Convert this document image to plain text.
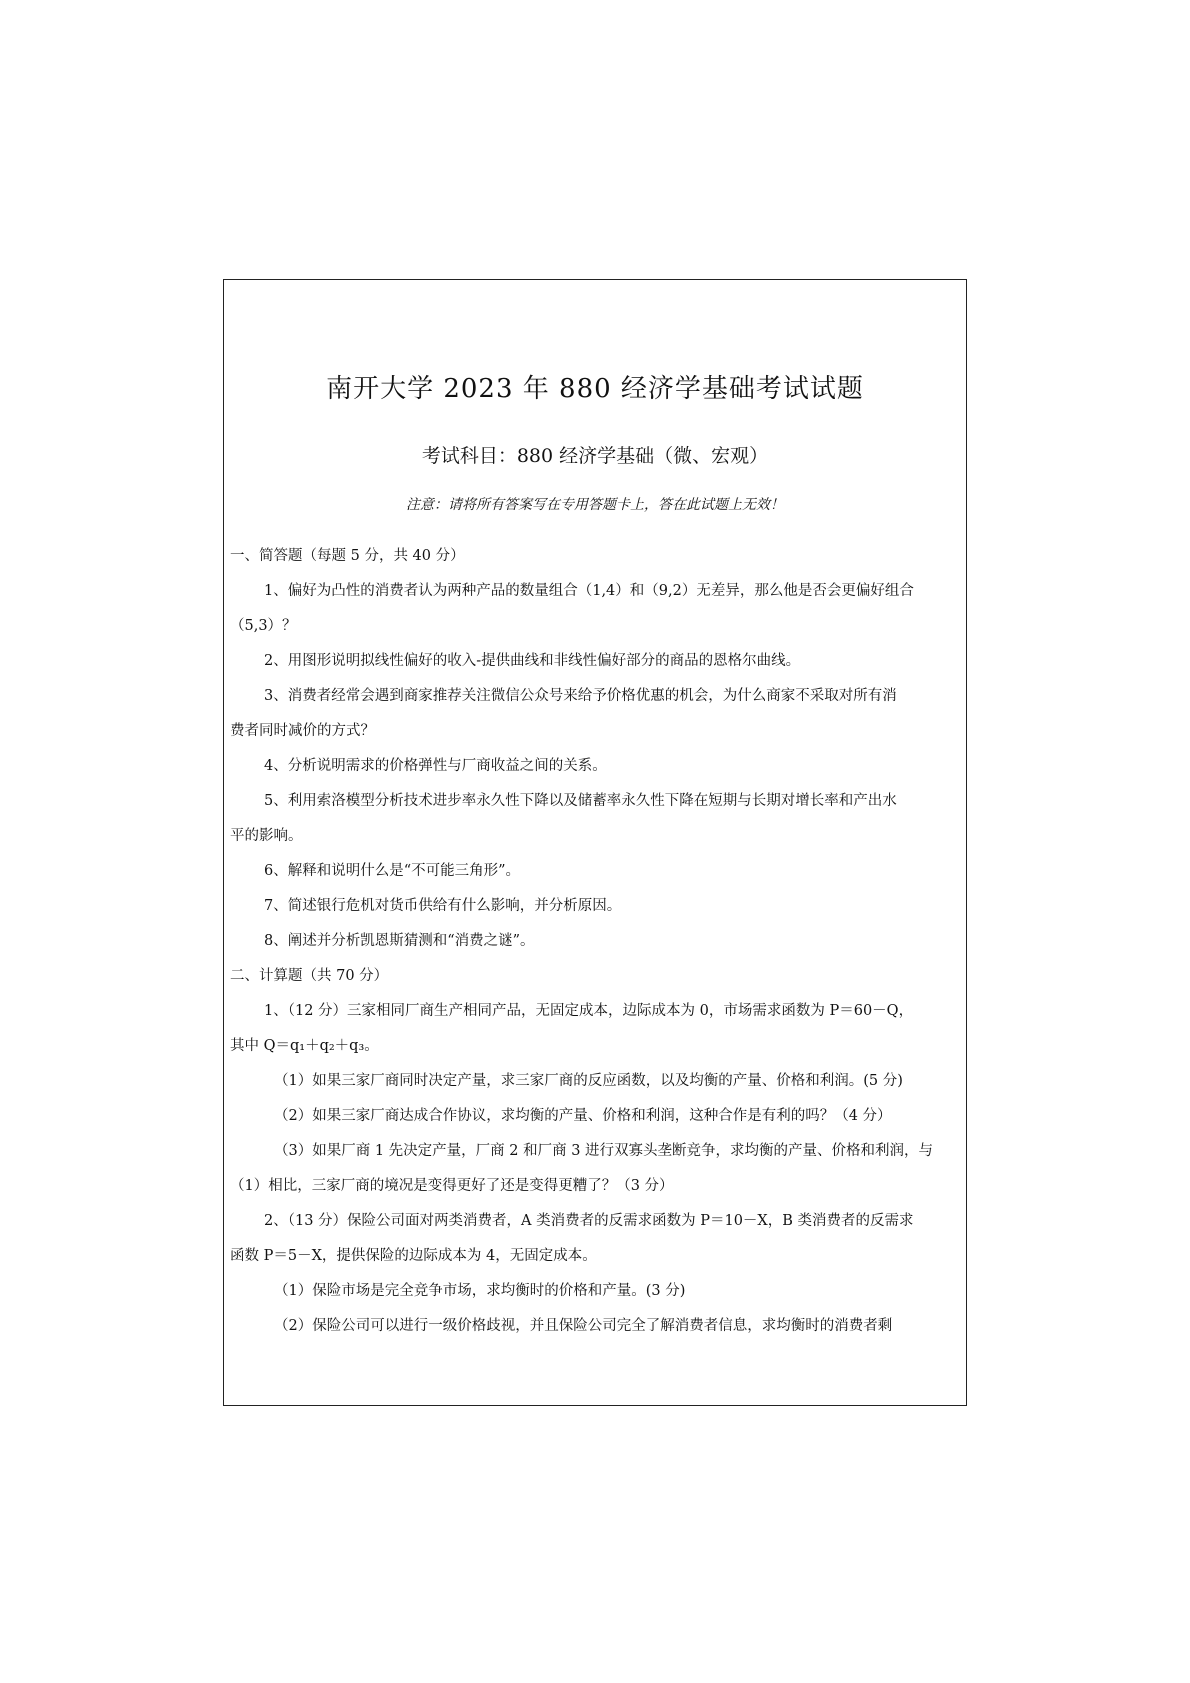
南开大学 2023 年 880 经济学基础考试试题
考试科目：880 经济学基础（微、宏观）
注意：请将所有答案写在专用答题卡上，答在此试题上无效！
一、简答题（每题 5 分，共 40 分）
1、偏好为凸性的消费者认为两种产品的数量组合（1,4）和（9,2）无差异，那么他是否会更偏好组合
（5,3）？
2、用图形说明拟线性偏好的收入-提供曲线和非线性偏好部分的商品的恩格尔曲线。
3、消费者经常会遇到商家推荐关注微信公众号来给予价格优惠的机会，为什么商家不采取对所有消
费者同时减价的方式？
4、分析说明需求的价格弹性与厂商收益之间的关系。
5、利用索洛模型分析技术进步率永久性下降以及储蓄率永久性下降在短期与长期对增长率和产出水
平的影响。
6、解释和说明什么是“不可能三角形”。
7、简述银行危机对货币供给有什么影响，并分析原因。
8、阐述并分析凯恩斯猜测和“消费之谜”。
二、计算题（共 70 分）
1、（12 分）三家相同厂商生产相同产品，无固定成本，边际成本为 0，市场需求函数为 P＝60－Q，
其中 Q＝q₁＋q₂＋q₃。
（1）如果三家厂商同时决定产量，求三家厂商的反应函数，以及均衡的产量、价格和利润。(5 分)
（2）如果三家厂商达成合作协议，求均衡的产量、价格和利润，这种合作是有利的吗？（4 分）
（3）如果厂商 1 先决定产量，厂商 2 和厂商 3 进行双寡头垄断竞争，求均衡的产量、价格和利润，与
（1）相比，三家厂商的境况是变得更好了还是变得更糟了？（3 分）
2、（13 分）保险公司面对两类消费者，A 类消费者的反需求函数为 P＝10－X，B 类消费者的反需求
函数 P＝5－X，提供保险的边际成本为 4，无固定成本。
（1）保险市场是完全竞争市场，求均衡时的价格和产量。(3 分)
（2）保险公司可以进行一级价格歧视，并且保险公司完全了解消费者信息，求均衡时的消费者剩
